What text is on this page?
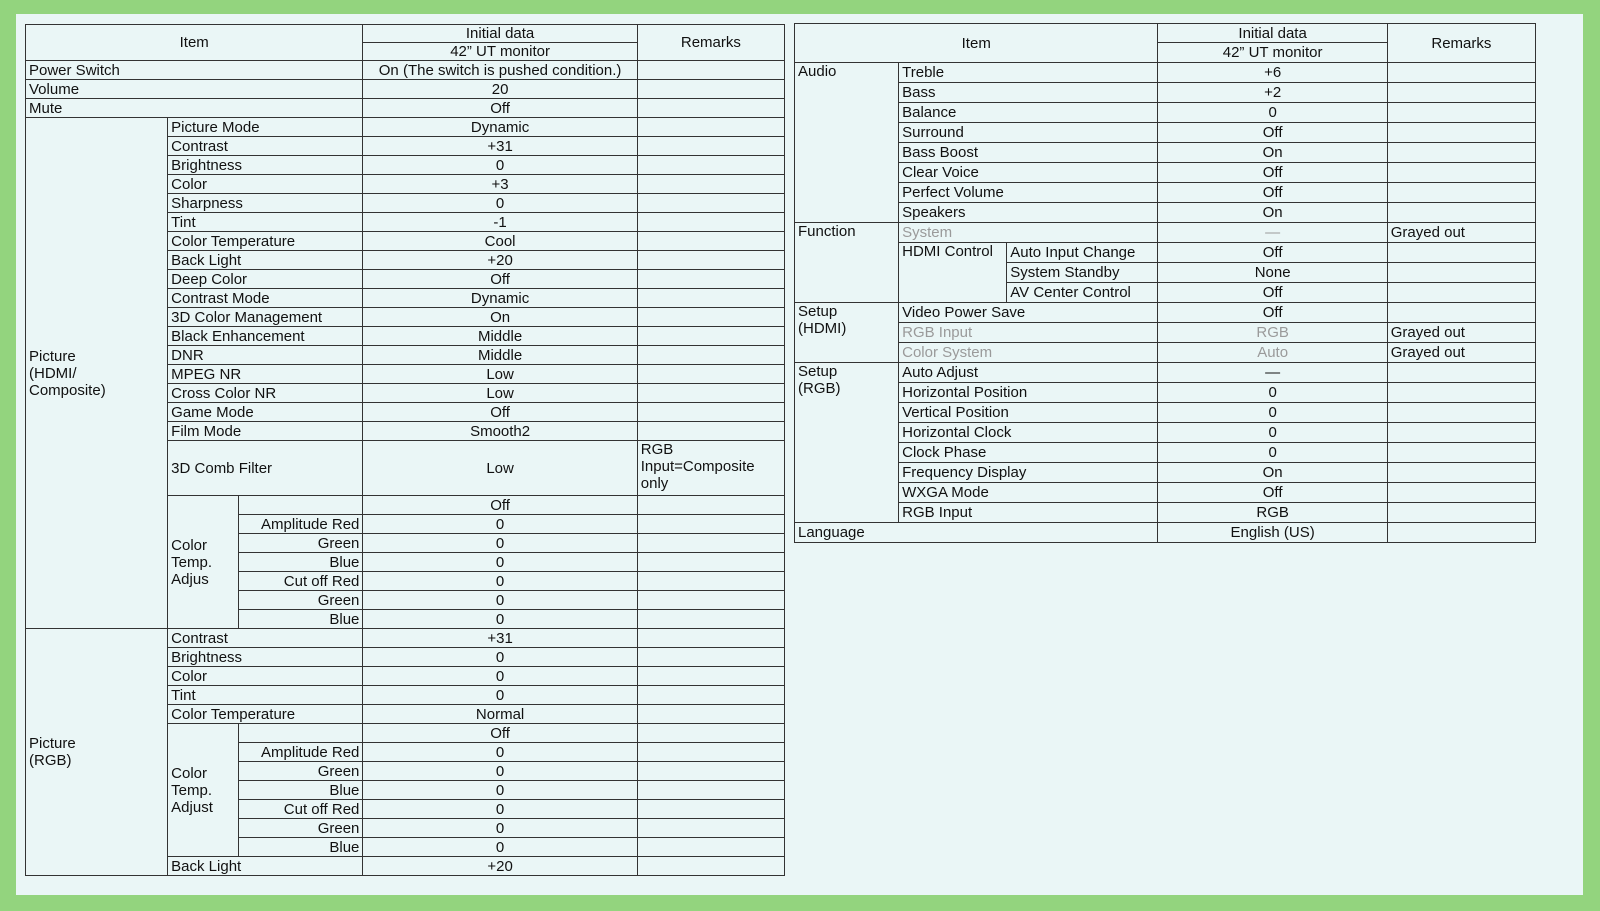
Item			Initial data	Remarks
			42” UT monitor	
Power Switch			On (The switch is pushed condition.)	
Volume			20	
Mute			Off	
Picture
(HDMI/
Composite)	Picture Mode		Dynamic	
	Contrast		+31	
	Brightness		0	
	Color		+3	
	Sharpness		0	
	Tint		-1	
	Color Temperature		Cool	
	Back Light		+20	
	Deep Color		Off	
	Contrast Mode		Dynamic	
	3D Color Management		On	
	Black Enhancement		Middle	
	DNR		Middle	
	MPEG NR		Low	
	Cross Color NR		Low	
	Game Mode		Off	
	Film Mode		Smooth2	
	3D Comb Filter		Low	RGB
Input=Composite
only
	Color
Temp.
Adjus		Off	
		Amplitude Red	0	
		Green	0	
		Blue	0	
		Cut off Red	0	
		Green	0	
		Blue	0	
Picture
(RGB)	Contrast		+31	
	Brightness		0	
	Color		0	
	Tint		0	
	Color Temperature		Normal	
	Color
Temp.
Adjust		Off	
		Amplitude Red	0	
		Green	0	
		Blue	0	
		Cut off Red	0	
		Green	0	
		Blue	0	
	Back Light		+20	
Item			Initial data	Remarks
			42” UT monitor	
Audio	Treble		+6	
	Bass		+2	
	Balance		0	
	Surround		Off	
	Bass Boost		On	
	Clear Voice		Off	
	Perfect Volume		Off	
	Speakers		On	
Function	System		—	Grayed out
	HDMI Control	Auto Input Change	Off	
		System Standby	None	
		AV Center Control	Off	
Setup
(HDMI)	Video Power Save		Off	
	RGB Input		RGB	Grayed out
	Color System		Auto	Grayed out
Setup
(RGB)	Auto Adjust		—	
	Horizontal Position		0	
	Vertical Position		0	
	Horizontal Clock		0	
	Clock Phase		0	
	Frequency Display		On	
	WXGA Mode		Off	
	RGB Input		RGB	
Language			English (US)	
